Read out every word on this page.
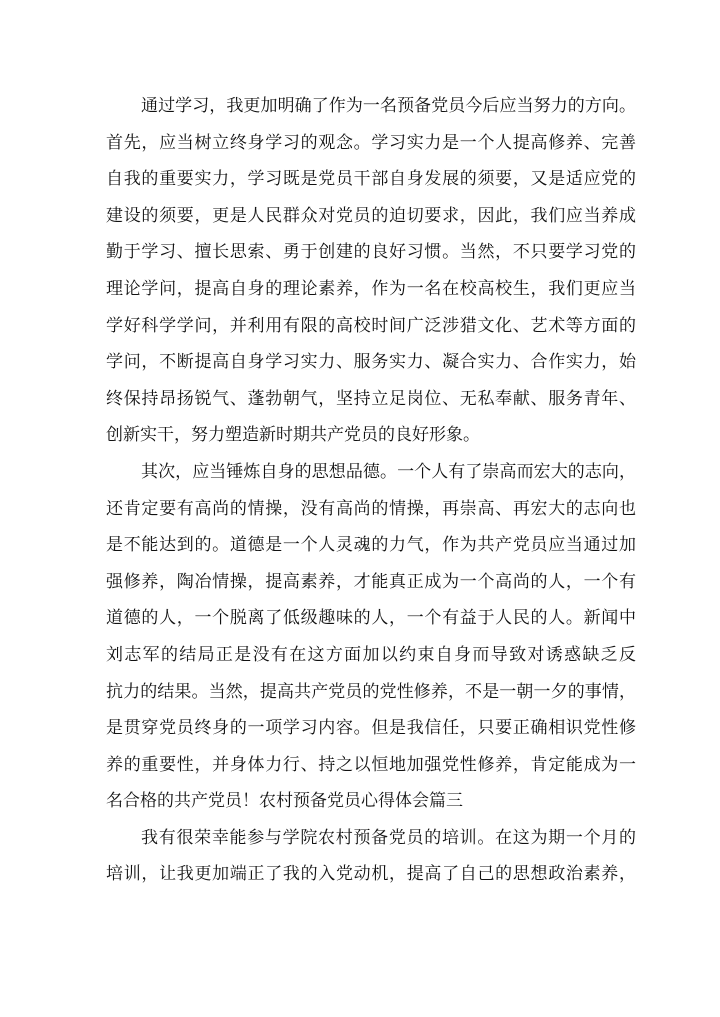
通过学习，我更加明确了作为一名预备党员今后应当努力的方向。
首先，应当树立终身学习的观念。学习实力是一个人提高修养、完善
自我的重要实力，学习既是党员干部自身发展的须要，又是适应党的
建设的须要，更是人民群众对党员的迫切要求，因此，我们应当养成
勤于学习、擅长思索、勇于创建的良好习惯。当然，不只要学习党的
理论学问，提高自身的理论素养，作为一名在校高校生，我们更应当
学好科学学问，并利用有限的高校时间广泛涉猎文化、艺术等方面的
学问，不断提高自身学习实力、服务实力、凝合实力、合作实力，始
终保持昂扬锐气、蓬勃朝气，坚持立足岗位、无私奉献、服务青年、
创新实干，努力塑造新时期共产党员的良好形象。
其次，应当锤炼自身的思想品德。一个人有了崇高而宏大的志向，
还肯定要有高尚的情操，没有高尚的情操，再崇高、再宏大的志向也
是不能达到的。道德是一个人灵魂的力气，作为共产党员应当通过加
强修养，陶冶情操，提高素养，才能真正成为一个高尚的人，一个有
道德的人，一个脱离了低级趣味的人，一个有益于人民的人。新闻中
刘志军的结局正是没有在这方面加以约束自身而导致对诱惑缺乏反
抗力的结果。当然，提高共产党员的党性修养，不是一朝一夕的事情，
是贯穿党员终身的一项学习内容。但是我信任，只要正确相识党性修
养的重要性，并身体力行、持之以恒地加强党性修养，肯定能成为一
名合格的共产党员！农村预备党员心得体会篇三
我有很荣幸能参与学院农村预备党员的培训。在这为期一个月的
培训，让我更加端正了我的入党动机，提高了自己的思想政治素养，
